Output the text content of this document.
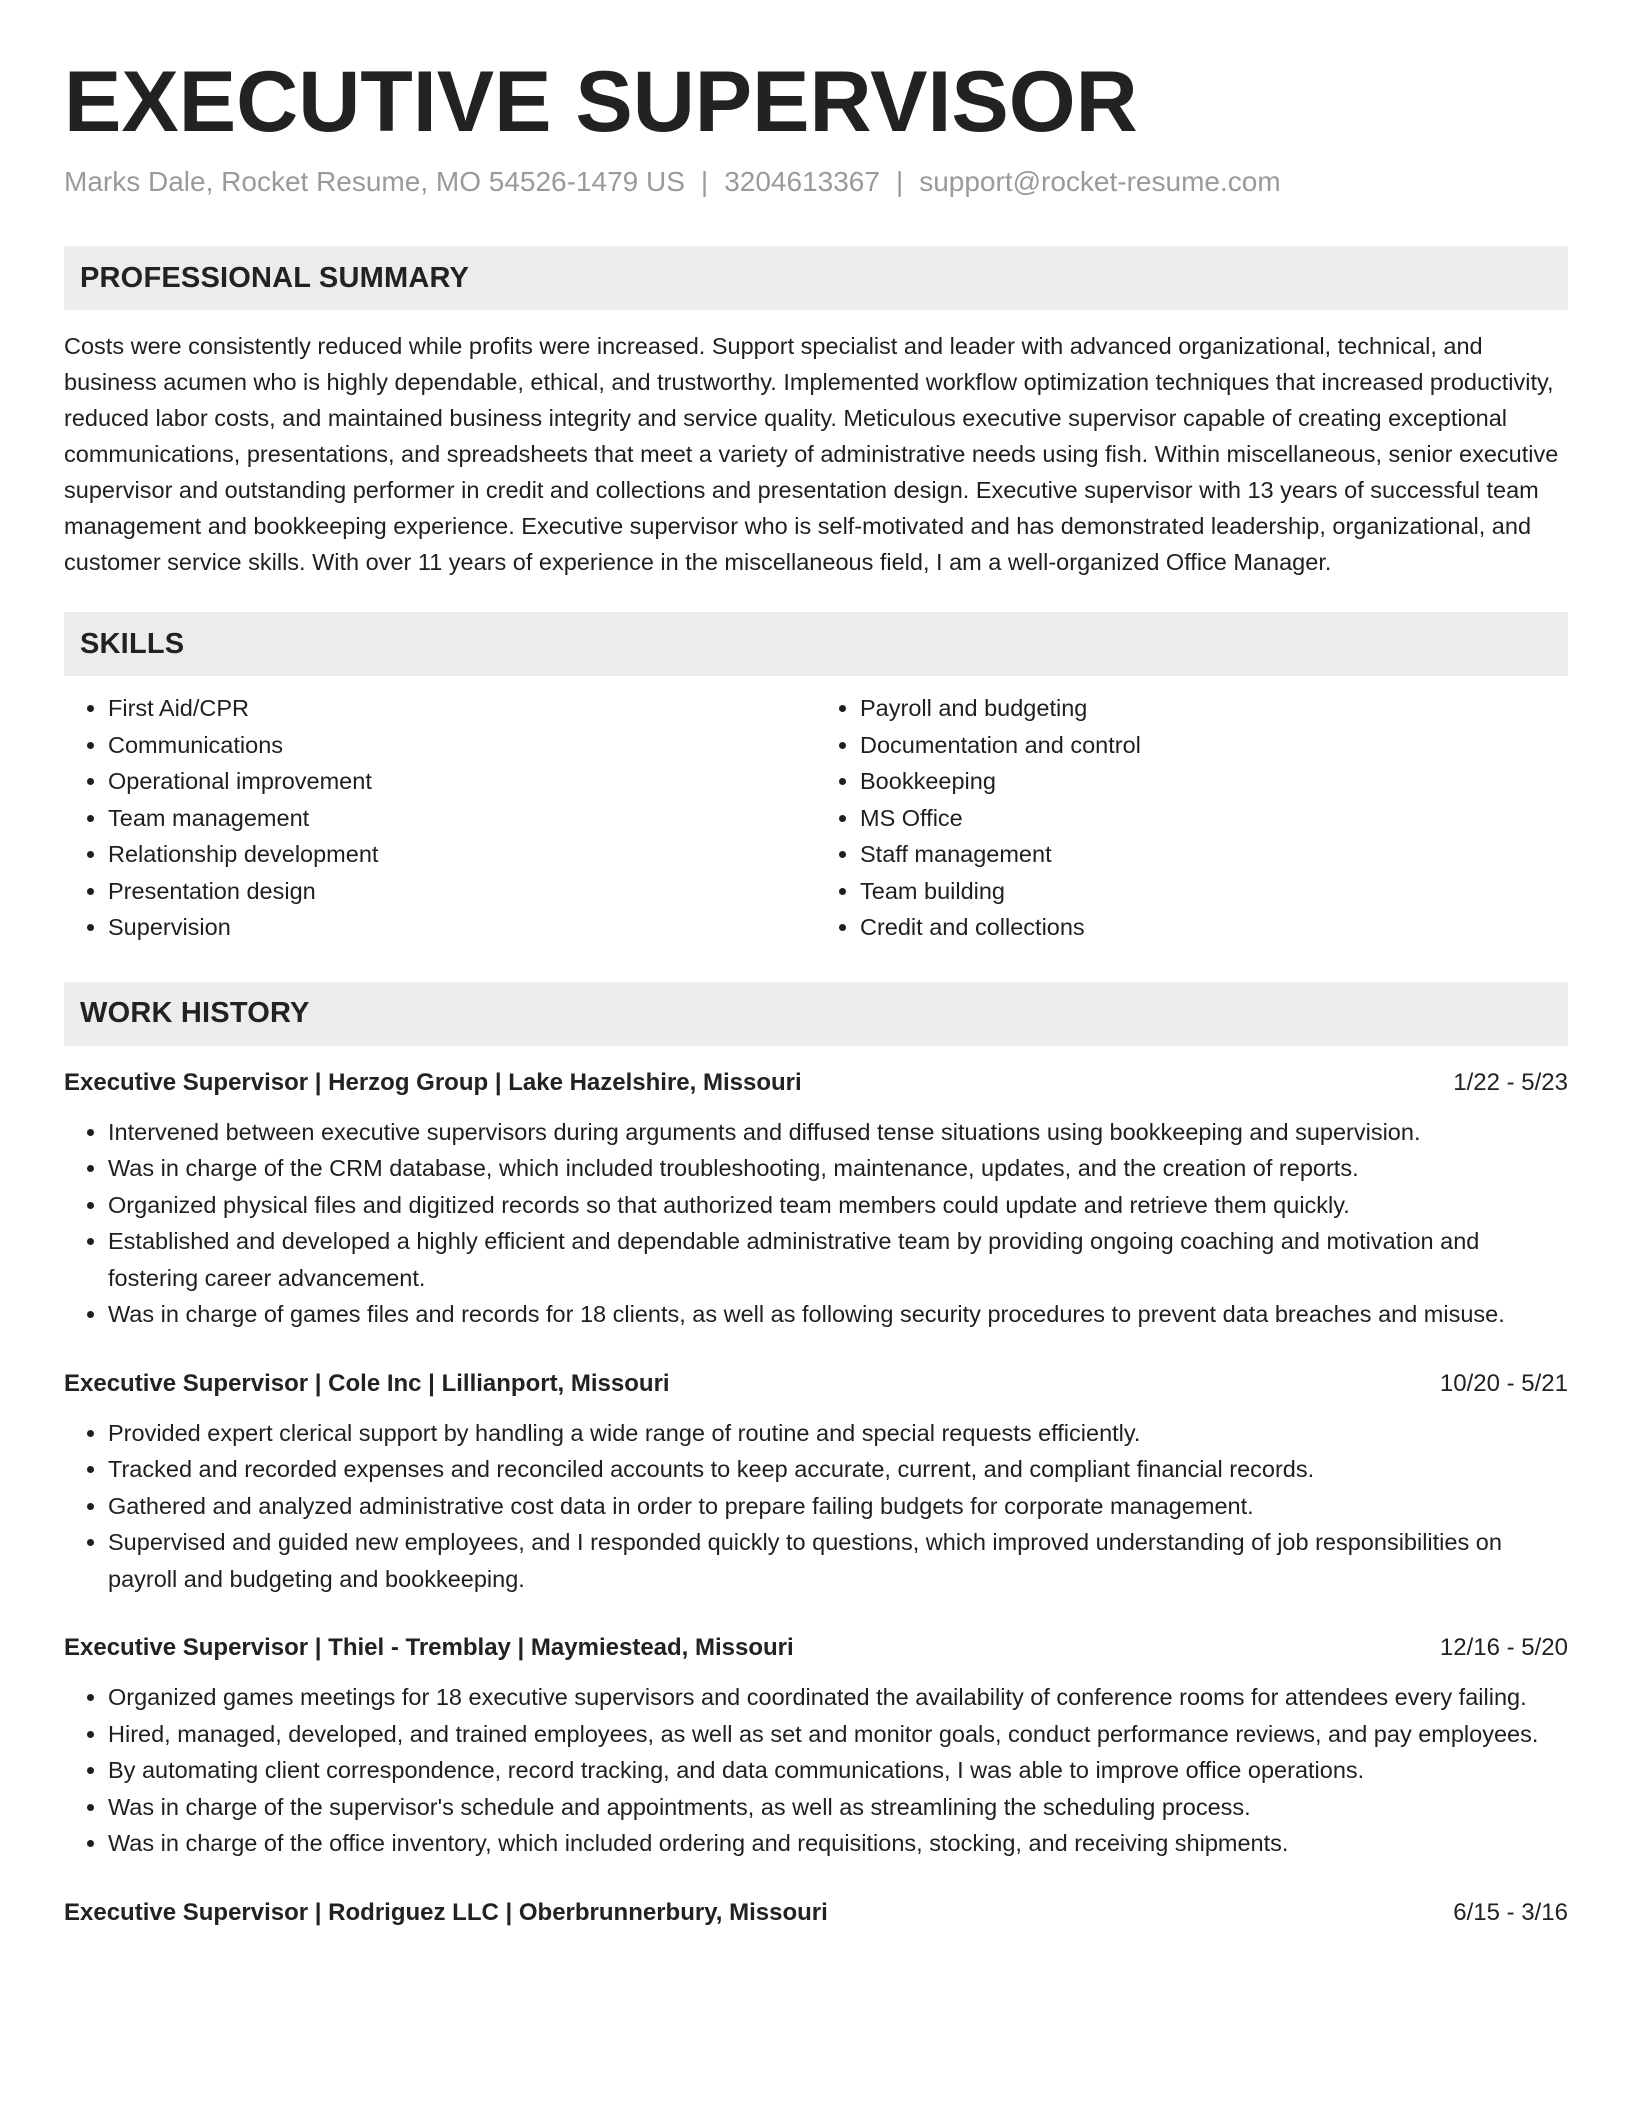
EXECUTIVE SUPERVISOR
Marks Dale, Rocket Resume, MO 54526-1479 US | 3204613367 | support@rocket-resume.com
PROFESSIONAL SUMMARY

Costs were consistently reduced while profits were increased. Support specialist and leader with advanced organizational, technical, and business acumen who is highly dependable, ethical, and trustworthy. Implemented workflow optimization techniques that increased productivity, reduced labor costs, and maintained business integrity and service quality. Meticulous executive supervisor capable of creating exceptional communications, presentations, and spreadsheets that meet a variety of administrative needs using fish. Within miscellaneous, senior executive supervisor and outstanding performer in credit and collections and presentation design. Executive supervisor with 13 years of successful team management and bookkeeping experience. Executive supervisor who is self-motivated and has demonstrated leadership, organizational, and customer service skills. With over 11 years of experience in the miscellaneous field, I am a well-organized Office Manager.

SKILLS
• First Aid/CPR
• Communications
• Operational improvement
• Team management
• Relationship development
• Presentation design
• Supervision
• Payroll and budgeting
• Documentation and control
• Bookkeeping
• MS Office
• Staff management
• Team building
• Credit and collections
WORK HISTORY
Executive Supervisor | Herzog Group | Lake Hazelshire, Missouri	1/22 - 5/23
• Intervened between executive supervisors during arguments and diffused tense situations using bookkeeping and supervision.
• Was in charge of the CRM database, which included troubleshooting, maintenance, updates, and the creation of reports.
• Organized physical files and digitized records so that authorized team members could update and retrieve them quickly.
• Established and developed a highly efficient and dependable administrative team by providing ongoing coaching and motivation and fostering career advancement.
• Was in charge of games files and records for 18 clients, as well as following security procedures to prevent data breaches and misuse.
Executive Supervisor | Cole Inc | Lillianport, Missouri	10/20 - 5/21
• Provided expert clerical support by handling a wide range of routine and special requests efficiently.
• Tracked and recorded expenses and reconciled accounts to keep accurate, current, and compliant financial records.
• Gathered and analyzed administrative cost data in order to prepare failing budgets for corporate management.
• Supervised and guided new employees, and I responded quickly to questions, which improved understanding of job responsibilities on payroll and budgeting and bookkeeping.
Executive Supervisor | Thiel - Tremblay | Maymiestead, Missouri	12/16 - 5/20
• Organized games meetings for 18 executive supervisors and coordinated the availability of conference rooms for attendees every failing.
• Hired, managed, developed, and trained employees, as well as set and monitor goals, conduct performance reviews, and pay employees.
• By automating client correspondence, record tracking, and data communications, I was able to improve office operations.
• Was in charge of the supervisor's schedule and appointments, as well as streamlining the scheduling process.
• Was in charge of the office inventory, which included ordering and requisitions, stocking, and receiving shipments.
Executive Supervisor | Rodriguez LLC | Oberbrunnerbury, Missouri	6/15 - 3/16
